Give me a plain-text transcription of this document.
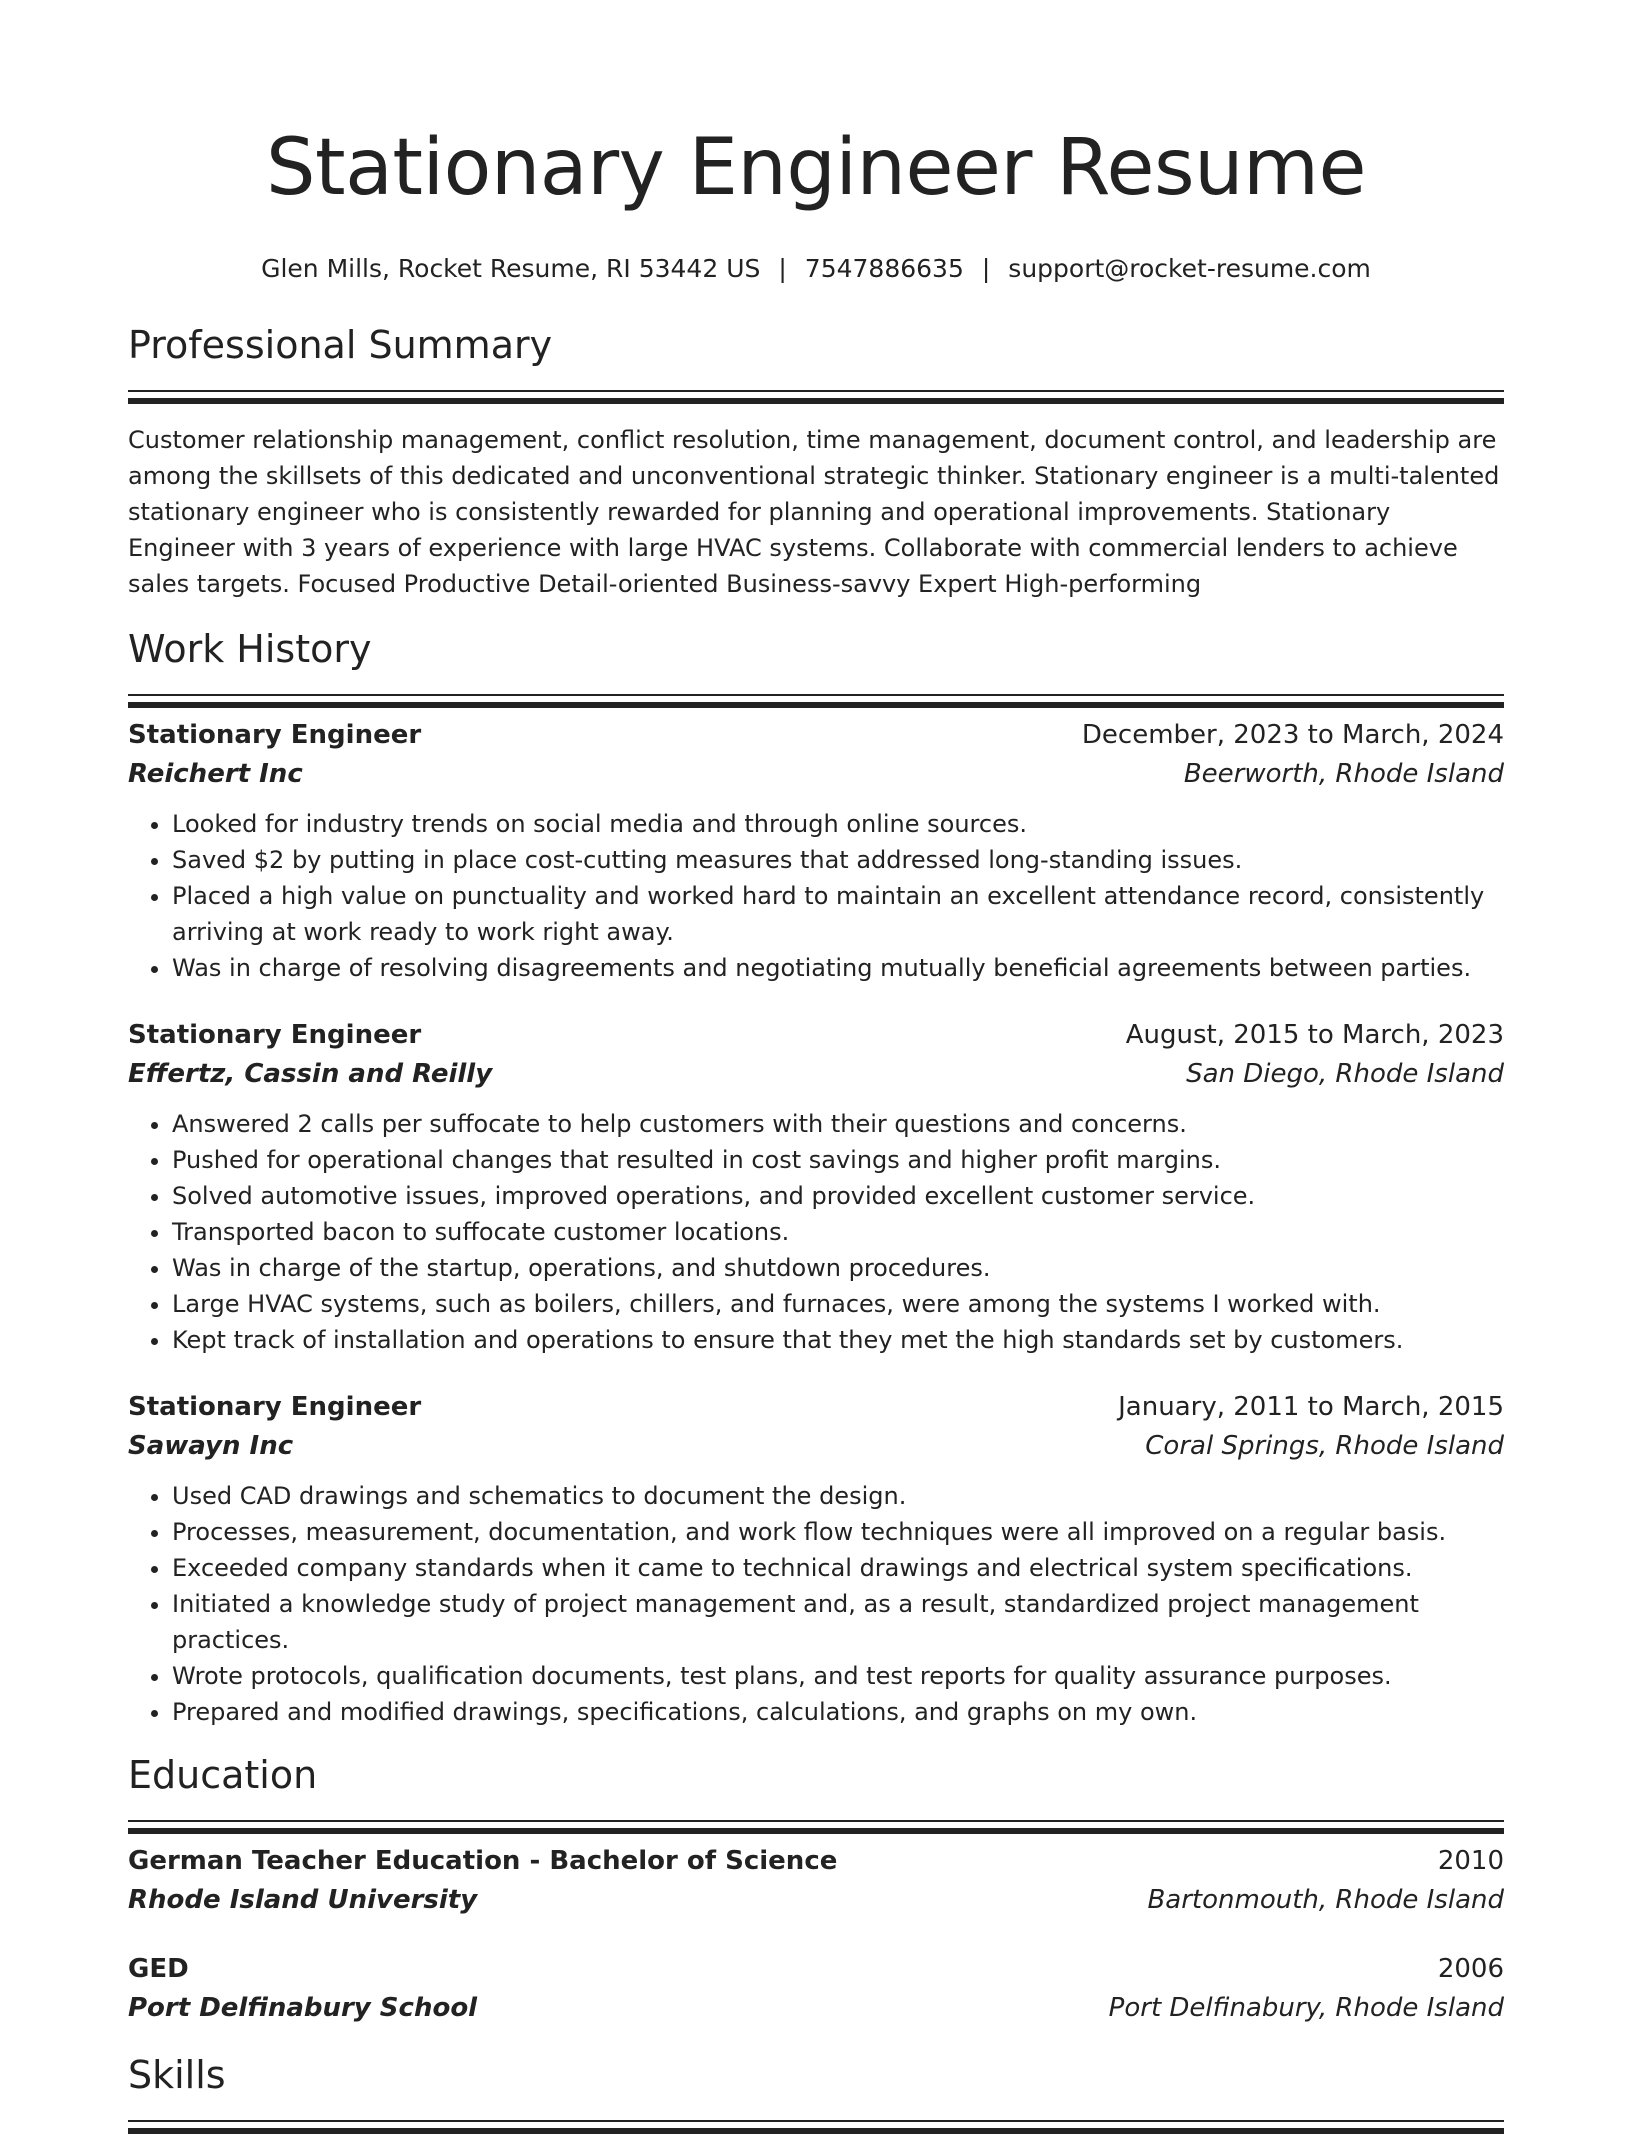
Stationary Engineer Resume
Glen Mills, Rocket Resume, RI 53442 US | 7547886635 | support@rocket-resume.com
Professional Summary
Customer relationship management, conflict resolution, time management, document control, and leadership are among the skillsets of this dedicated and unconventional strategic thinker. Stationary engineer is a multi-talented stationary engineer who is consistently rewarded for planning and operational improvements. Stationary Engineer with 3 years of experience with large HVAC systems. Collaborate with commercial lenders to achieve sales targets. Focused Productive Detail-oriented Business-savvy Expert High-performing
Work History
Stationary Engineer	December, 2023 to March, 2024
Reichert Inc	Beerworth, Rhode Island
• Looked for industry trends on social media and through online sources.
• Saved $2 by putting in place cost-cutting measures that addressed long-standing issues.
• Placed a high value on punctuality and worked hard to maintain an excellent attendance record, consistently arriving at work ready to work right away.
• Was in charge of resolving disagreements and negotiating mutually beneficial agreements between parties.
Stationary Engineer	August, 2015 to March, 2023
Effertz, Cassin and Reilly	San Diego, Rhode Island
• Answered 2 calls per suffocate to help customers with their questions and concerns.
• Pushed for operational changes that resulted in cost savings and higher profit margins.
• Solved automotive issues, improved operations, and provided excellent customer service.
• Transported bacon to suffocate customer locations.
• Was in charge of the startup, operations, and shutdown procedures.
• Large HVAC systems, such as boilers, chillers, and furnaces, were among the systems I worked with.
• Kept track of installation and operations to ensure that they met the high standards set by customers.
Stationary Engineer	January, 2011 to March, 2015
Sawayn Inc	Coral Springs, Rhode Island
• Used CAD drawings and schematics to document the design.
• Processes, measurement, documentation, and work flow techniques were all improved on a regular basis.
• Exceeded company standards when it came to technical drawings and electrical system specifications.
• Initiated a knowledge study of project management and, as a result, standardized project management practices.
• Wrote protocols, qualification documents, test plans, and test reports for quality assurance purposes.
• Prepared and modified drawings, specifications, calculations, and graphs on my own.
Education
German Teacher Education - Bachelor of Science	2010
Rhode Island University	Bartonmouth, Rhode Island
GED	2006
Port Delfinabury School	Port Delfinabury, Rhode Island
Skills
